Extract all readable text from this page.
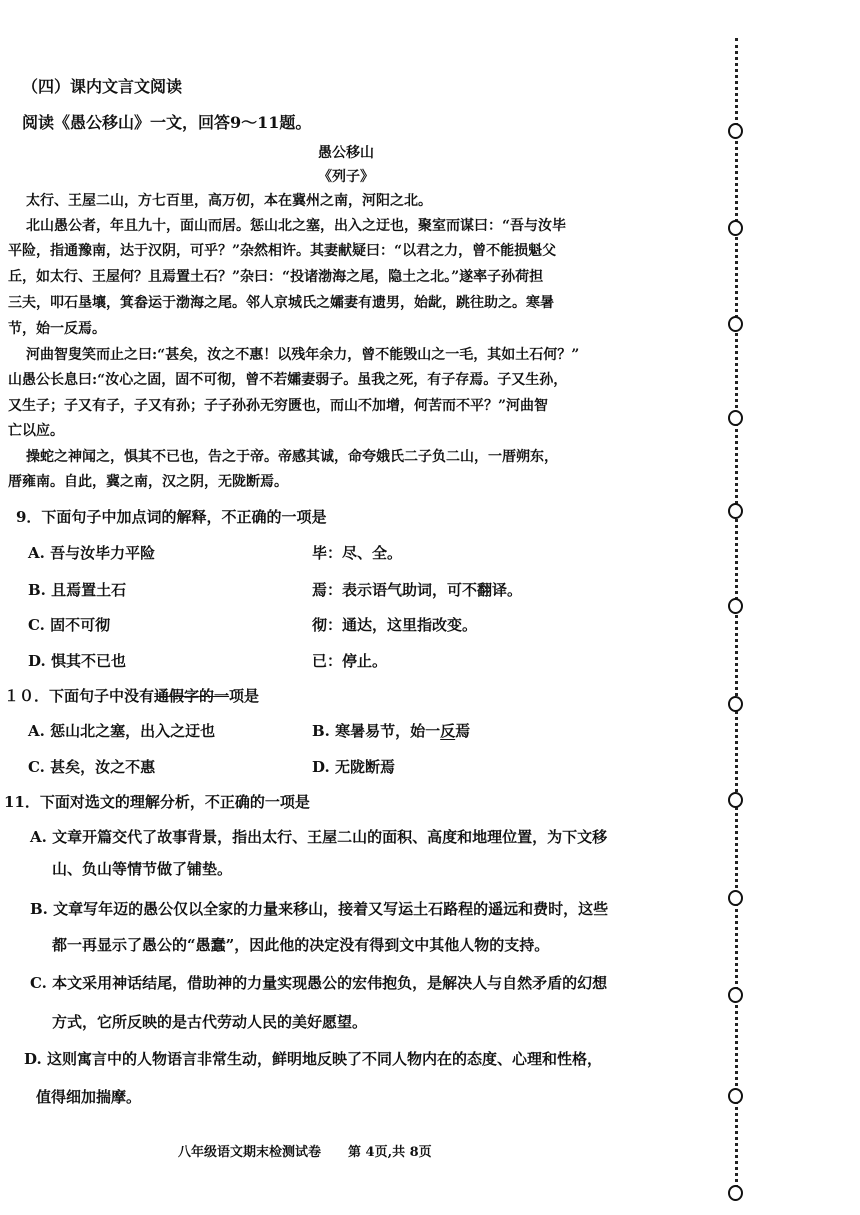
（四）课内文言文阅读
阅读《愚公移山》一文，回答9～11题。
愚公移山
《列子》
太行、王屋二山，方七百里，高万仞，本在冀州之南，河阳之北。
北山愚公者，年且九十，面山而居。惩山北之塞，出入之迂也，聚室而谋曰：“吾与汝毕
平险，指通豫南，达于汉阴，可乎？”杂然相许。其妻献疑曰：“以君之力，曾不能损魁父
丘，如太行、王屋何？且焉置土石？”杂曰：“投诸渤海之尾，隐土之北。”遂率子孙荷担
三夫，叩石垦壤，箕畚运于渤海之尾。邻人京城氏之孀妻有遗男，始龀，跳往助之。寒暑
节，始一反焉。
河曲智叟笑而止之曰:“甚矣，汝之不惠！以残年余力，曾不能毁山之一毛，其如土石何？”
山愚公长息曰:“汝心之固，固不可彻，曾不若孀妻弱子。虽我之死，有子存焉。子又生孙，
又生子；子又有子，子又有孙；子子孙孙无穷匮也，而山不加增，何苦而不平？”河曲智
亡以应。
操蛇之神闻之，惧其不已也，告之于帝。帝感其诚，命夸娥氏二子负二山，一厝朔东，
厝雍南。自此，冀之南，汉之阴，无陇断焉。
9．下面句子中加点词的解释，不正确的一项是
A. 吾与汝毕力平险	毕：尽、全。
B. 且焉置土石	焉：表示语气助词，可不翻译。
C. 固不可彻	彻：通达，这里指改变。
D. 惧其不已也	已：停止。
１０．下面句子中没有通假字的一项是
A. 惩山北之塞，出入之迂也	B. 寒暑易节，始一反焉
C. 甚矣，汝之不惠	D. 无陇断焉
11．下面对选文的理解分析，不正确的一项是
A. 文章开篇交代了故事背景，指出太行、王屋二山的面积、高度和地理位置，为下文移
山、负山等情节做了铺垫。
B. 文章写年迈的愚公仅以全家的力量来移山，接着又写运土石路程的遥远和费时，这些
都一再显示了愚公的“愚蠢”，因此他的决定没有得到文中其他人物的支持。
C. 本文采用神话结尾，借助神的力量实现愚公的宏伟抱负，是解决人与自然矛盾的幻想
方式，它所反映的是古代劳动人民的美好愿望。
D. 这则寓言中的人物语言非常生动，鲜明地反映了不同人物内在的态度、心理和性格，
值得细加揣摩。
八年级语文期末检测试卷 第 4页,共 8页
